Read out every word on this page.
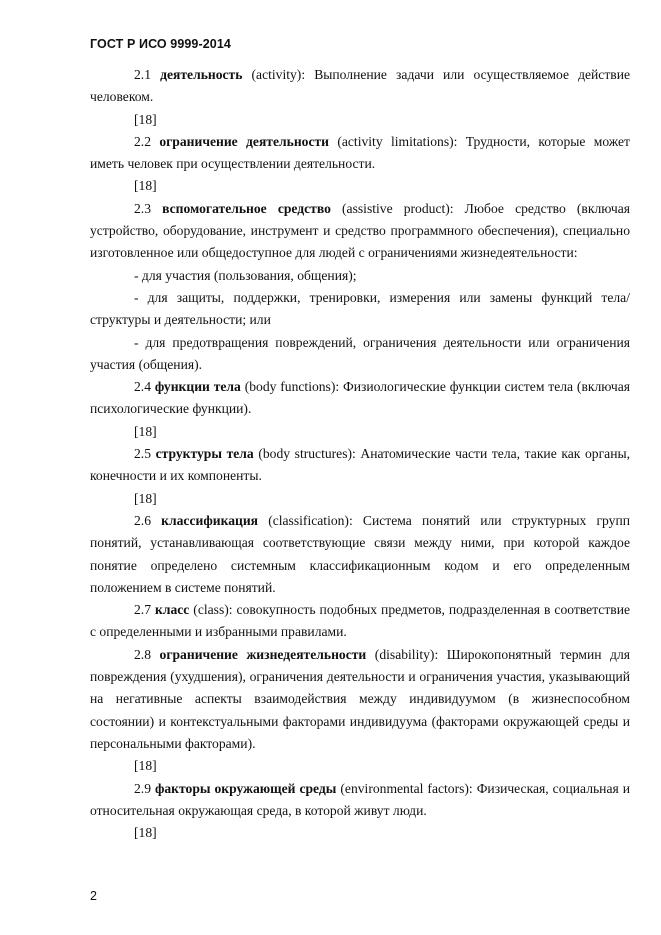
ГОСТ Р ИСО 9999-2014

2.1 деятельность (activity): Выполнение задачи или осуществляемое действие человеком.

[18]

2.2 ограничение деятельности (activity limitations): Трудности, которые может иметь человек при осуществлении деятельности.

[18]

2.3 вспомогательное средство (assistive product): Любое средство (включая устройство, оборудование, инструмент и средство программного обеспечения), специально изготовленное или общедоступное для людей с ограничениями жизнедеятельности:

- для участия (пользования, общения);

- для защиты, поддержки, тренировки, измерения или замены функций тела/структуры и деятельности; или

- для предотвращения повреждений, ограничения деятельности или ограничения участия (общения).

2.4 функции тела (body functions): Физиологические функции систем тела (включая психологические функции).

[18]

2.5 структуры тела (body structures): Анатомические части тела, такие как органы, конечности и их компоненты.

[18]

2.6 классификация (classification): Система понятий или структурных групп понятий, устанавливающая соответствующие связи между ними, при которой каждое понятие определено системным классификационным кодом и его определенным положением в системе понятий.

2.7 класс (class): совокупность подобных предметов, подразделенная в соответствие с определенными и избранными правилами.

2.8 ограничение жизнедеятельности (disability): Широкопонятный термин для повреждения (ухудшения), ограничения деятельности и ограничения участия, указывающий на негативные аспекты взаимодействия между индивидуумом (в жизнеспособном состоянии) и контекстуальными факторами индивидуума (факторами окружающей среды и персональными факторами).

[18]

2.9 факторы окружающей среды (environmental factors): Физическая, социальная и относительная окружающая среда, в которой живут люди.

[18]

2
